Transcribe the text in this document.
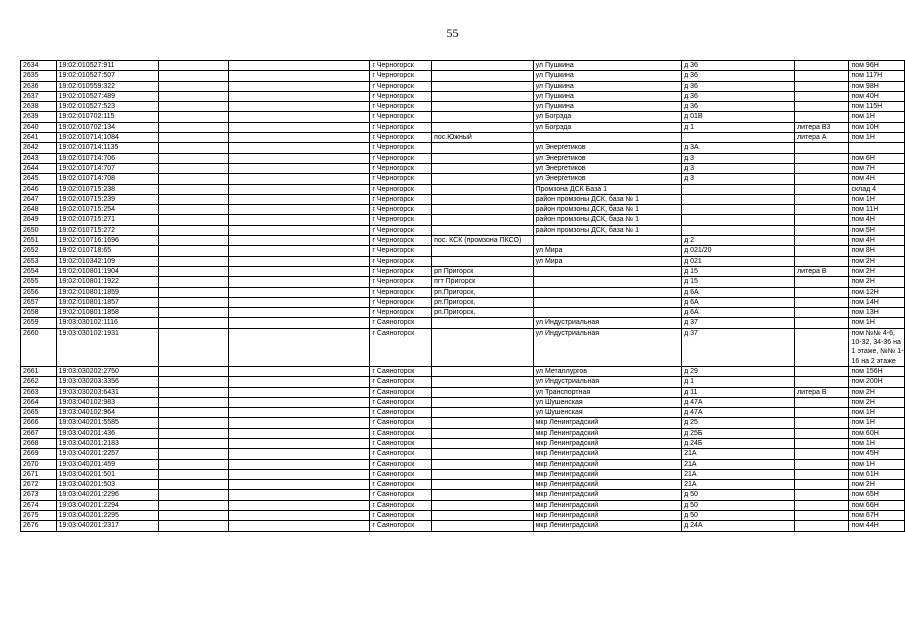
55
2634	19:02:010527:911			г Черногорск		ул Пушкина	д 36		пом 96Н
2635	19:02:010527:507			г Черногорск		ул Пушкина	д 36		пом 117Н
2636	19:02:010559:322			г Черногорск		ул Пушкина	д 36		пом 98Н
2637	19:02:010527:489			г Черногорск		ул Пушкина	д 36		пом 40Н
2638	19:02:010527:523			г Черногорск		ул Пушкина	д 36		пом 115Н
2639	19:02:010702:115			г Черногорск		ул Богрэда	д 01В		пом 1Н
2640	19:02:010702:134			г Черногорск		ул Богрэда	д 1	литера В3	пом 10Н
2641	19:02:010714:1084			г Черногорск	пос.Южный			литера А	пом 1Н
2642	19:02:010714:1135			г Черногорск		ул Энергетиков	д 3А		
2643	19:02:010714:706			г Черногорск		ул Энергетиков	д 3		пом 6Н
2644	19:02:010714:707			г Черногорск		ул Энергетиков	д 3		пом 7Н
2645	19:02:010714:708			г Черногорск		ул Энергетиков	д 3		пом 4Н
2646	19:02:010715:238			г Черногорск		Промзона ДСК База 1			склад 4
2647	19:02:010715:239			г Черногорск		район промзоны ДСК, база № 1			пом 1Н
2648	19:02:010715:254			г Черногорск		район промзоны ДСК, база № 1			пом 11Н
2649	19:02:010715:271			г Черногорск		район промзоны ДСК, база № 1			пом 4Н
2650	19:02:010715:272			г Черногорск		район промзоны ДСК, база № 1			пом 5Н
2651	19:02:010716:1696			г Черногорск	пос. КСК (промзона ПКСО)		д 2		пом 4Н
2652	19:02:010718:65			г Черногорск		ул Мира	д 021/20		пом 8Н
2653	19:02:010342:109			г Черногорск		ул Мира	д 021		пом 2Н
2654	19:02:010801:1904			г Черногорск	рп Пригорск		д 15	литера В	пом 2Н
2655	19:02:010801:1922			г Черногорск	пгт Пригорск		д 15		пом 2Н
2656	19:02:010801:1859			г Черногорск	рп.Пригорск,		д 6А		пом 12Н
2657	19:02:010801:1857			г Черногорск	рп.Пригорск,		д 6А		пом 14Н
2658	19:02:010801:1858			г Черногорск	рп.Пригорск,		д 6А		пом 13Н
2659	19:03:030102:1116			г Саяногорск		ул Индустриальная	д 37		пом 1Н
2660	19:03:030102:1931			г Саяногорск		ул Индустриальная	д 37		пом №№ 4-6, 10-32, 34-36 на 1 этаже, №№ 1-16 на 2 этаже
2661	19:03:030202:2750			г Саяногорск		ул Металлургов	д 29		пом 156Н
2662	19:03:030203:3356			г Саяногорск		ул Индустриальная	д 1		пом 200Н
2663	19:03:030203:6431			г Саяногорск		ул Транспортная	д 11	литера В	пом 2Н
2664	19:03:040102:983			г Саяногорск		ул Шушенская	д 47А		пом 2Н
2665	19:03:040102:964			г Саяногорск		ул Шушенская	д 47А		пом 1Н
2666	19:03:040201:5585			г Саяногорск		мкр Ленинградский	д 25		пом 1Н
2667	19:03:040201:436			г Саяногорск		мкр Ленинградский	д 25Б		пом 60Н
2668	19:03:040201:2183			г Саяногорск		мкр Ленинградский	д 24Б		пом 1Н
2669	19:03:040201:2257			г Саяногорск		мкр Ленинградский	21А		пом 45Н
2670	19:03:040201:459			г Саяногорск		мкр Ленинградский	21А		пом 1Н
2671	19:03:040201:501			г Саяногорск		мкр Ленинградский	21А		пом 61Н
2672	19:03:040201:503			г Саяногорск		мкр Ленинградский	21А		пом 2Н
2673	19:03:040201:2296			г Саяногорск		мкр Ленинградский	д 50		пом 65Н
2674	19:03:040201:2294			г Саяногорск		мкр Ленинградский	д 50		пом 66Н
2675	19:03:040201:2295			г Саяногорск		мкр Ленинградский	д 50		пом 67Н
2676	19:03:040201:2317			г Саяногорск		мкр Ленинградский	д 24А		пом 44Н
